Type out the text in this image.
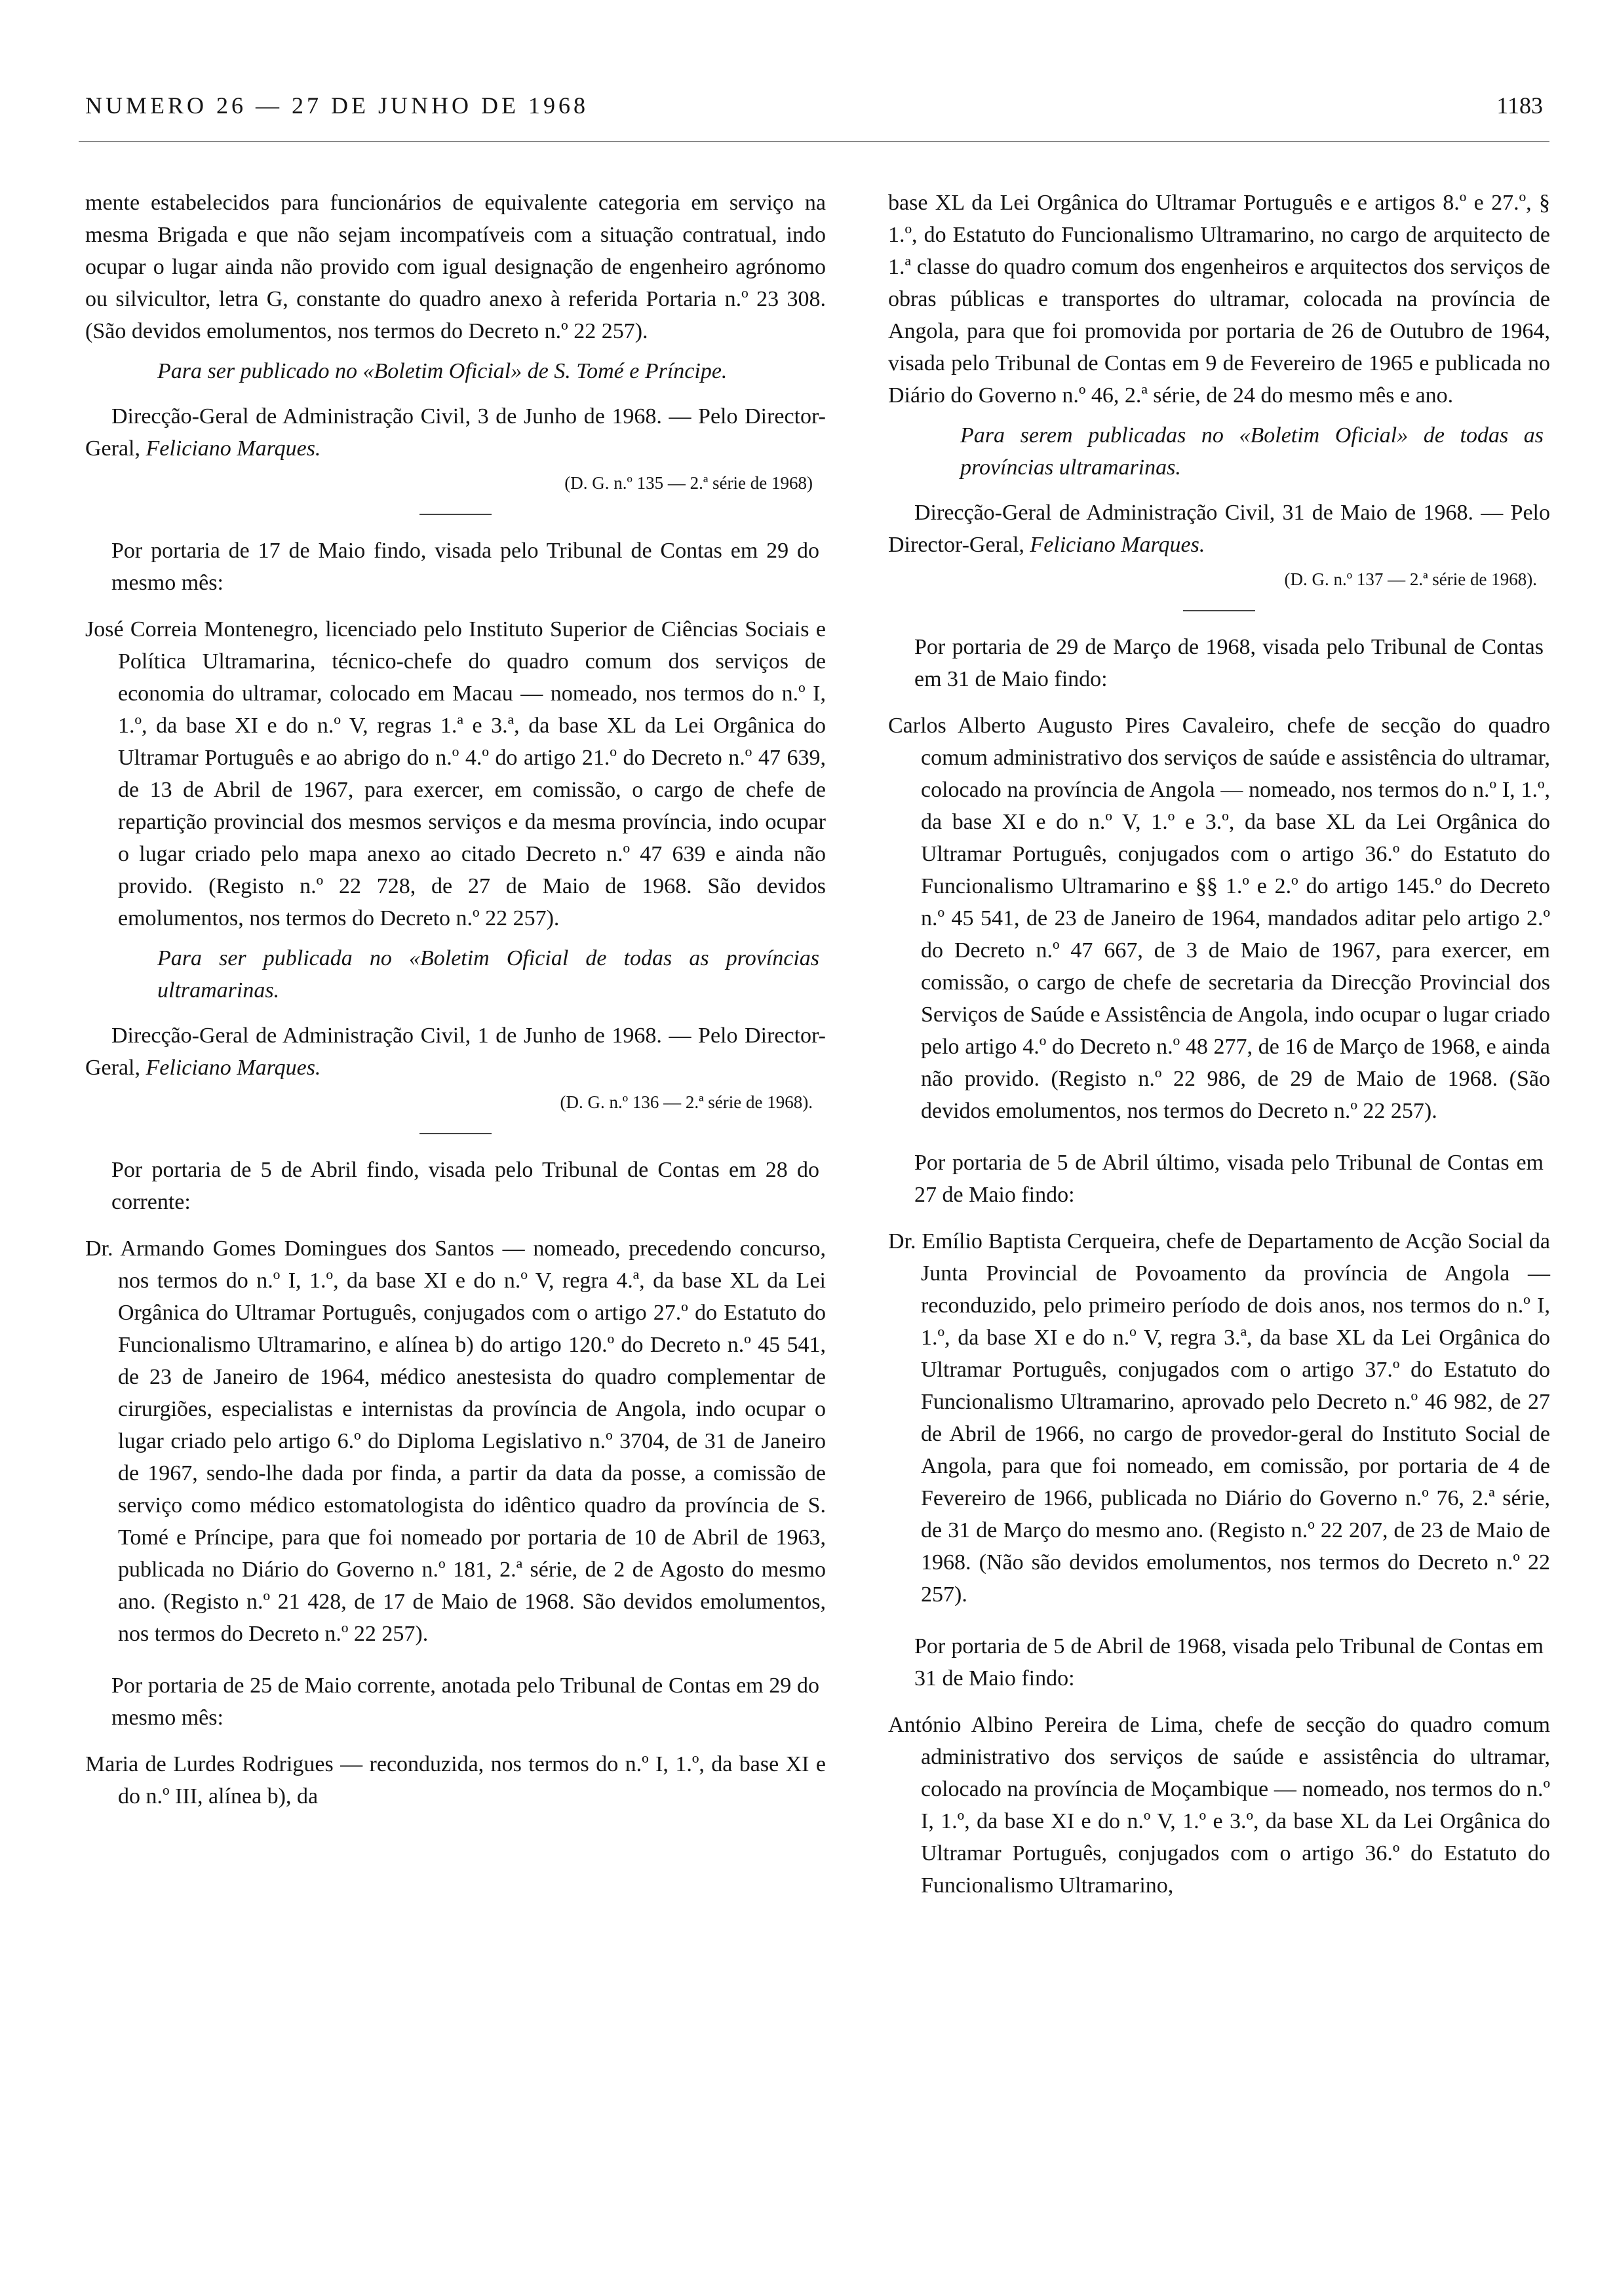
NUMERO 26 — 27 DE JUNHO DE 1968	1183

mente estabelecidos para funcionários de equivalente categoria em serviço na mesma Brigada e que não sejam incompatíveis com a situação contratual, indo ocupar o lugar ainda não provido com igual designação de engenheiro agrónomo ou silvicultor, letra G, constante do quadro anexo à referida Portaria n.º 23 308. (São devidos emolumentos, nos termos do Decreto n.º 22 257).

Para ser publicado no «Boletim Oficial» de S. Tomé e Príncipe.

Direcção-Geral de Administração Civil, 3 de Junho de 1968. — Pelo Director-Geral, Feliciano Marques.

(D. G. n.º 135 — 2.ª série de 1968)

Por portaria de 17 de Maio findo, visada pelo Tribunal de Contas em 29 do mesmo mês:

José Correia Montenegro, licenciado pelo Instituto Superior de Ciências Sociais e Política Ultramarina, técnico-chefe do quadro comum dos serviços de economia do ultramar, colocado em Macau — nomeado, nos termos do n.º I, 1.º, da base XI e do n.º V, regras 1.ª e 3.ª, da base XL da Lei Orgânica do Ultramar Português e ao abrigo do n.º 4.º do artigo 21.º do Decreto n.º 47 639, de 13 de Abril de 1967, para exercer, em comissão, o cargo de chefe de repartição provincial dos mesmos serviços e da mesma província, indo ocupar o lugar criado pelo mapa anexo ao citado Decreto n.º 47 639 e ainda não provido. (Registo n.º 22 728, de 27 de Maio de 1968. São devidos emolumentos, nos termos do Decreto n.º 22 257).

Para ser publicada no «Boletim Oficial de todas as províncias ultramarinas.

Direcção-Geral de Administração Civil, 1 de Junho de 1968. — Pelo Director-Geral, Feliciano Marques.

(D. G. n.º 136 — 2.ª série de 1968).

Por portaria de 5 de Abril findo, visada pelo Tribunal de Contas em 28 do corrente:

Dr. Armando Gomes Domingues dos Santos — nomeado, precedendo concurso, nos termos do n.º I, 1.º, da base XI e do n.º V, regra 4.ª, da base XL da Lei Orgânica do Ultramar Português, conjugados com o artigo 27.º do Estatuto do Funcionalismo Ultramarino, e alínea b) do artigo 120.º do Decreto n.º 45 541, de 23 de Janeiro de 1964, médico anestesista do quadro complementar de cirurgiões, especialistas e internistas da província de Angola, indo ocupar o lugar criado pelo artigo 6.º do Diploma Legislativo n.º 3704, de 31 de Janeiro de 1967, sendo-lhe dada por finda, a partir da data da posse, a comissão de serviço como médico estomatologista do idêntico quadro da província de S. Tomé e Príncipe, para que foi nomeado por portaria de 10 de Abril de 1963, publicada no Diário do Governo n.º 181, 2.ª série, de 2 de Agosto do mesmo ano. (Registo n.º 21 428, de 17 de Maio de 1968. São devidos emolumentos, nos termos do Decreto n.º 22 257).

Por portaria de 25 de Maio corrente, anotada pelo Tribunal de Contas em 29 do mesmo mês:

Maria de Lurdes Rodrigues — reconduzida, nos termos do n.º I, 1.º, da base XI e do n.º III, alínea b), da

base XL da Lei Orgânica do Ultramar Português e e artigos 8.º e 27.º, § 1.º, do Estatuto do Funcionalismo Ultramarino, no cargo de arquitecto de 1.ª classe do quadro comum dos engenheiros e arquitectos dos serviços de obras públicas e transportes do ultramar, colocada na província de Angola, para que foi promovida por portaria de 26 de Outubro de 1964, visada pelo Tribunal de Contas em 9 de Fevereiro de 1965 e publicada no Diário do Governo n.º 46, 2.ª série, de 24 do mesmo mês e ano.

Para serem publicadas no «Boletim Oficial» de todas as províncias ultramarinas.

Direcção-Geral de Administração Civil, 31 de Maio de 1968. — Pelo Director-Geral, Feliciano Marques.

(D. G. n.º 137 — 2.ª série de 1968).

Por portaria de 29 de Março de 1968, visada pelo Tribunal de Contas em 31 de Maio findo:

Carlos Alberto Augusto Pires Cavaleiro, chefe de secção do quadro comum administrativo dos serviços de saúde e assistência do ultramar, colocado na província de Angola — nomeado, nos termos do n.º I, 1.º, da base XI e do n.º V, 1.º e 3.º, da base XL da Lei Orgânica do Ultramar Português, conjugados com o artigo 36.º do Estatuto do Funcionalismo Ultramarino e §§ 1.º e 2.º do artigo 145.º do Decreto n.º 45 541, de 23 de Janeiro de 1964, mandados aditar pelo artigo 2.º do Decreto n.º 47 667, de 3 de Maio de 1967, para exercer, em comissão, o cargo de chefe de secretaria da Direcção Provincial dos Serviços de Saúde e Assistência de Angola, indo ocupar o lugar criado pelo artigo 4.º do Decreto n.º 48 277, de 16 de Março de 1968, e ainda não provido. (Registo n.º 22 986, de 29 de Maio de 1968. (São devidos emolumentos, nos termos do Decreto n.º 22 257).

Por portaria de 5 de Abril último, visada pelo Tribunal de Contas em 27 de Maio findo:

Dr. Emílio Baptista Cerqueira, chefe de Departamento de Acção Social da Junta Provincial de Povoamento da província de Angola — reconduzido, pelo primeiro período de dois anos, nos termos do n.º I, 1.º, da base XI e do n.º V, regra 3.ª, da base XL da Lei Orgânica do Ultramar Português, conjugados com o artigo 37.º do Estatuto do Funcionalismo Ultramarino, aprovado pelo Decreto n.º 46 982, de 27 de Abril de 1966, no cargo de provedor-geral do Instituto Social de Angola, para que foi nomeado, em comissão, por portaria de 4 de Fevereiro de 1966, publicada no Diário do Governo n.º 76, 2.ª série, de 31 de Março do mesmo ano. (Registo n.º 22 207, de 23 de Maio de 1968. (Não são devidos emolumentos, nos termos do Decreto n.º 22 257).

Por portaria de 5 de Abril de 1968, visada pelo Tribunal de Contas em 31 de Maio findo:

António Albino Pereira de Lima, chefe de secção do quadro comum administrativo dos serviços de saúde e assistência do ultramar, colocado na província de Moçambique — nomeado, nos termos do n.º I, 1.º, da base XI e do n.º V, 1.º e 3.º, da base XL da Lei Orgânica do Ultramar Português, conjugados com o artigo 36.º do Estatuto do Funcionalismo Ultramarino,
